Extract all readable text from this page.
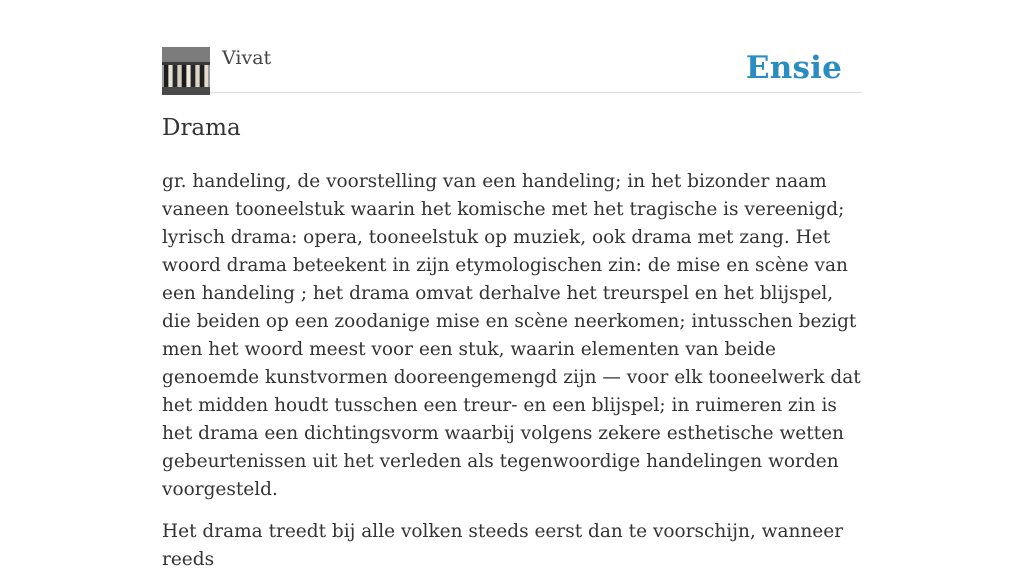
Vivat	Ensie
Drama

gr. handeling, de voorstelling van een handeling; in het bizonder naam vaneen tooneelstuk waarin het komische met het tragische is vereenigd; lyrisch drama: opera, tooneelstuk op muziek, ook drama met zang. Het woord drama beteekent in zijn etymologischen zin: de mise en scène van een handeling ; het drama omvat derhalve het treurspel en het blijspel, die beiden op een zoodanige mise en scène neerkomen; intusschen bezigt men het woord meest voor een stuk, waarin elementen van beide genoemde kunstvormen dooreengemengd zijn — voor elk tooneelwerk dat het midden houdt tusschen een treur- en een blijspel; in ruimeren zin is het drama een dichtingsvorm waarbij volgens zekere esthetische wetten gebeurtenissen uit het verleden als tegenwoordige handelingen worden voorgesteld.

Het drama treedt bij alle volken steeds eerst dan te voorschijn, wanneer reeds
